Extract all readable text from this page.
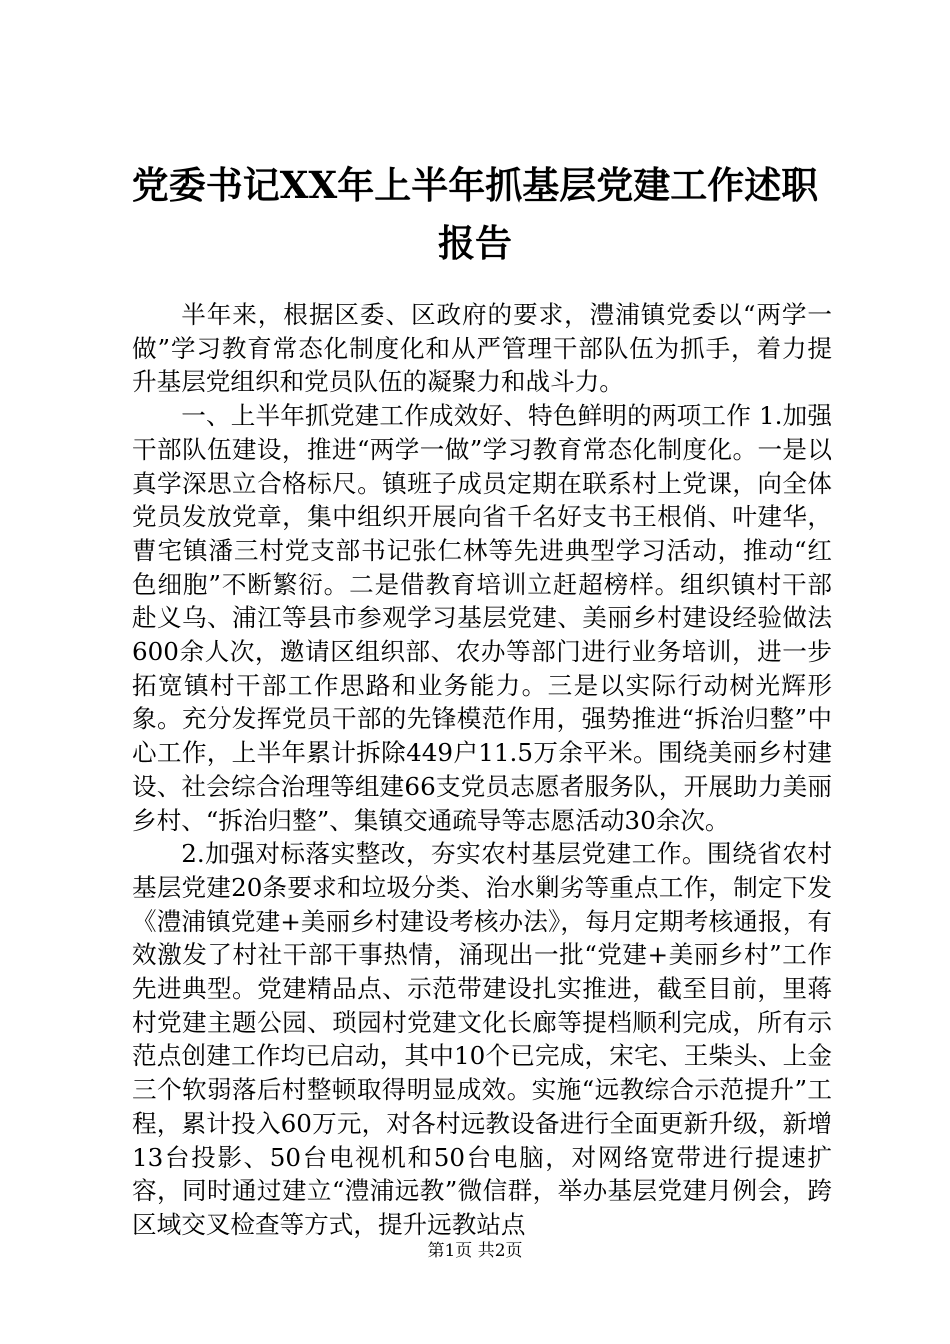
党委书记XX年上半年抓基层党建工作述职报告

半年来，根据区委、区政府的要求，澧浦镇党委以“两学一做”学习教育常态化制度化和从严管理干部队伍为抓手，着力提升基层党组织和党员队伍的凝聚力和战斗力。

一、上半年抓党建工作成效好、特色鲜明的两项工作 1.加强干部队伍建设，推进“两学一做”学习教育常态化制度化。一是以真学深思立合格标尺。镇班子成员定期在联系村上党课，向全体党员发放党章，集中组织开展向省千名好支书王根俏、叶建华，曹宅镇潘三村党支部书记张仁林等先进典型学习活动，推动“红色细胞”不断繁衍。二是借教育培训立赶超榜样。组织镇村干部赴义乌、浦江等县市参观学习基层党建、美丽乡村建设经验做法600余人次，邀请区组织部、农办等部门进行业务培训，进一步拓宽镇村干部工作思路和业务能力。三是以实际行动树光辉形象。充分发挥党员干部的先锋模范作用，强势推进“拆治归整”中心工作，上半年累计拆除449户11.5万余平米。围绕美丽乡村建设、社会综合治理等组建66支党员志愿者服务队，开展助力美丽乡村、“拆治归整”、集镇交通疏导等志愿活动30余次。

2.加强对标落实整改，夯实农村基层党建工作。围绕省农村基层党建20条要求和垃圾分类、治水剿劣等重点工作，制定下发《澧浦镇党建+美丽乡村建设考核办法》，每月定期考核通报，有效激发了村社干部干事热情，涌现出一批“党建+美丽乡村”工作先进典型。党建精品点、示范带建设扎实推进，截至目前，里蒋村党建主题公园、琐园村党建文化长廊等提档顺利完成，所有示范点创建工作均已启动，其中10个已完成，宋宅、王柴头、上金三个软弱落后村整顿取得明显成效。实施“远教综合示范提升”工程，累计投入60万元，对各村远教设备进行全面更新升级，新增13台投影、50台电视机和50台电脑，对网络宽带进行提速扩容，同时通过建立“澧浦远教”微信群，举办基层党建月例会，跨区域交叉检查等方式，提升远教站点

第1页 共2页
